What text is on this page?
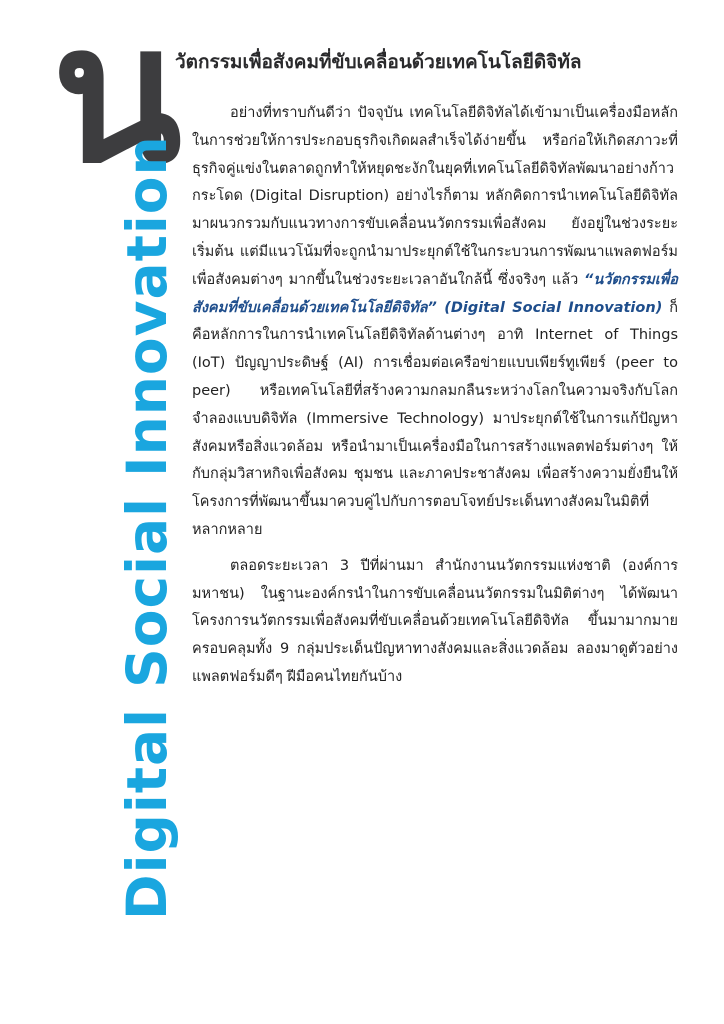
น
Digital Social Innovation
วัตกรรมเพื่อสังคมที่ขับเคลื่อนด้วยเทคโนโลยีดิจิทัล

อย่างที่ทราบกันดีว่า ปัจจุบัน เทคโนโลยีดิจิทัลได้เข้ามาเป็นเครื่องมือหลักในการช่วยให้การประกอบธุรกิจเกิดผลสำเร็จได้ง่ายขึ้น หรือก่อให้เกิดสภาวะที่ธุรกิจคู่แข่งในตลาดถูกทำให้หยุดชะงักในยุคที่เทคโนโลยีดิจิทัลพัฒนาอย่างก้าวกระโดด (Digital Disruption) อย่างไรก็ตาม หลักคิดการนำเทคโนโลยีดิจิทัล มาผนวกรวมกับแนวทางการขับเคลื่อนนวัตกรรมเพื่อสังคม ยังอยู่ในช่วงระยะเริ่มต้น แต่มีแนวโน้มที่จะถูกนำมาประยุกต์ใช้ในกระบวนการพัฒนาแพลตฟอร์มเพื่อสังคมต่างๆ มากขึ้นในช่วงระยะเวลาอันใกล้นี้ ซึ่งจริงๆ แล้ว “นวัตกรรมเพื่อสังคมที่ขับเคลื่อนด้วยเทคโนโลยีดิจิทัล” (Digital Social Innovation) ก็คือหลักการในการนำเทคโนโลยีดิจิทัลด้านต่างๆ อาทิ Internet of Things (IoT) ปัญญาประดิษฐ์ (AI) การเชื่อมต่อเครือข่ายแบบเพียร์ทูเพียร์ (peer to peer) หรือเทคโนโลยีที่สร้างความกลมกลืนระหว่างโลกในความจริงกับโลกจำลองแบบดิจิทัล (Immersive Technology) มาประยุกต์ใช้ในการแก้ปัญหาสังคมหรือสิ่งแวดล้อม หรือนำมาเป็นเครื่องมือในการสร้างแพลตฟอร์มต่างๆ ให้กับกลุ่มวิสาหกิจเพื่อสังคม ชุมชน และภาคประชาสังคม เพื่อสร้างความยั่งยืนให้โครงการที่พัฒนาขึ้นมาควบคู่ไปกับการตอบโจทย์ประเด็นทางสังคมในมิติที่หลากหลาย

ตลอดระยะเวลา 3 ปีที่ผ่านมา สำนักงานนวัตกรรมแห่งชาติ (องค์การมหาชน) ในฐานะองค์กรนำในการขับเคลื่อนนวัตกรรมในมิติต่างๆ ได้พัฒนาโครงการนวัตกรรมเพื่อสังคมที่ขับเคลื่อนด้วยเทคโนโลยีดิจิทัล ขึ้นมามากมายครอบคลุมทั้ง 9 กลุ่มประเด็นปัญหาทางสังคมและสิ่งแวดล้อม ลองมาดูตัวอย่างแพลตฟอร์มดีๆ ฝีมือคนไทยกันบ้าง
